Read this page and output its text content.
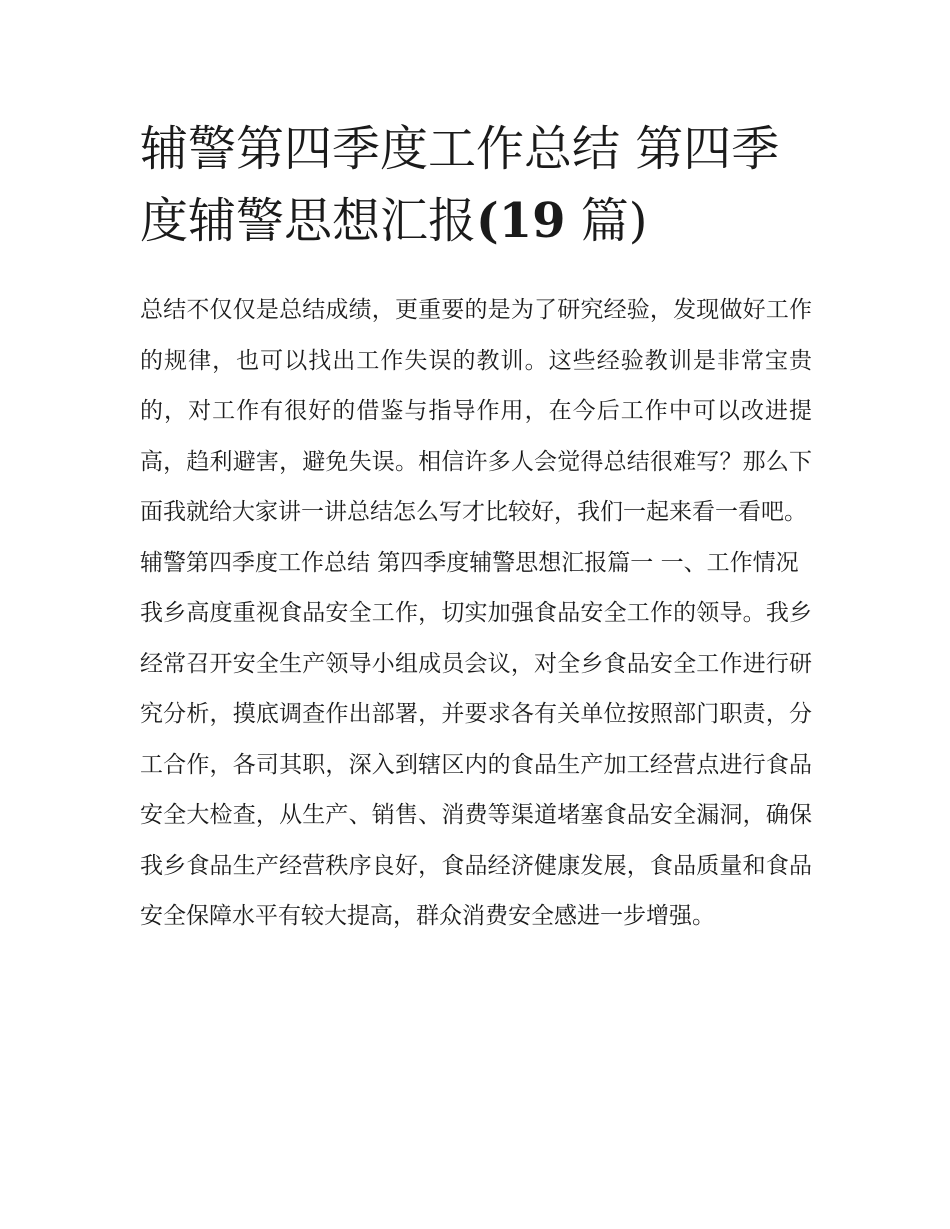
辅警第四季度工作总结 第四季度辅警思想汇报(19 篇)

总结不仅仅是总结成绩，更重要的是为了研究经验，发现做好工作的规律，也可以找出工作失误的教训。这些经验教训是非常宝贵的，对工作有很好的借鉴与指导作用，在今后工作中可以改进提高，趋利避害，避免失误。相信许多人会觉得总结很难写？那么下面我就给大家讲一讲总结怎么写才比较好，我们一起来看一看吧。

辅警第四季度工作总结 第四季度辅警思想汇报篇一 一、工作情况

我乡高度重视食品安全工作，切实加强食品安全工作的领导。我乡经常召开安全生产领导小组成员会议，对全乡食品安全工作进行研究分析，摸底调查作出部署，并要求各有关单位按照部门职责，分工合作，各司其职，深入到辖区内的食品生产加工经营点进行食品安全大检查，从生产、销售、消费等渠道堵塞食品安全漏洞，确保我乡食品生产经营秩序良好，食品经济健康发展，食品质量和食品安全保障水平有较大提高，群众消费安全感进一步增强。
